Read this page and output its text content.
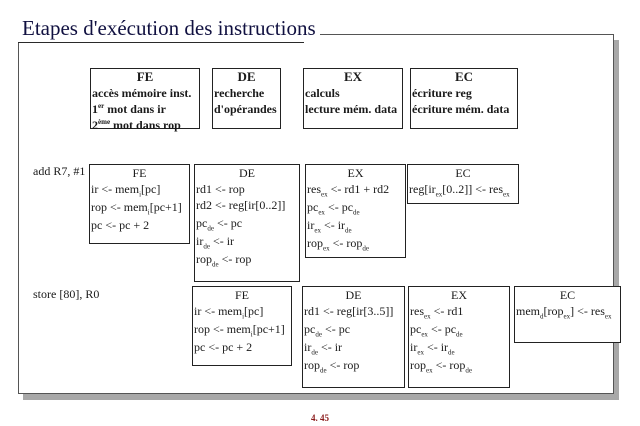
Etapes d'exécution des instructions
FE
accès mémoire inst.
1er mot dans ir
2ème mot dans rop
DE
recherche
d'opérandes
EX
calculs
lecture mém. data
EC
écriture reg
écriture mém. data
add R7, #1	FE
ir <- mem$_i$[pc]
rop <- mem$_i$[pc+1]
pc <- pc + 2
DE
rd1 <- rop
rd2 <- reg[ir[0..2]]
$pc_{de}$ <- pc
$ir_{de}$ <- ir
rop$_{de}$ <- rop
EX
res$_{ex}$ <- rd1 + rd2
$pc_{ex} <- pc_{de}$
$ir_{ex} <- ir_{de}$
rop$_{ex}$ <- rop$_{de}$
EC
$reg[ir_{ex}[0..2]] <- res_{ex}$
store [80], R0	FE
ir <- mem$_i$[pc]
rop <- mem$_i$[pc+1]
pc <- pc + 2
DE
rd1 <- reg[ir[3..5]]
$pc_{de}$ <- pc
$ir_{de}$ <- ir
rop$_{de}$ <- rop
EX
res$_{ex}$ <- rd1
$pc_{ex} <- pc_{de}$
$ir_{ex} <- ir_{de}$
rop$_{ex}$ <- rop$_{de}$
EC
mem$_d$[rop$_{ex}$] <- res$_{ex}$
4. 45
